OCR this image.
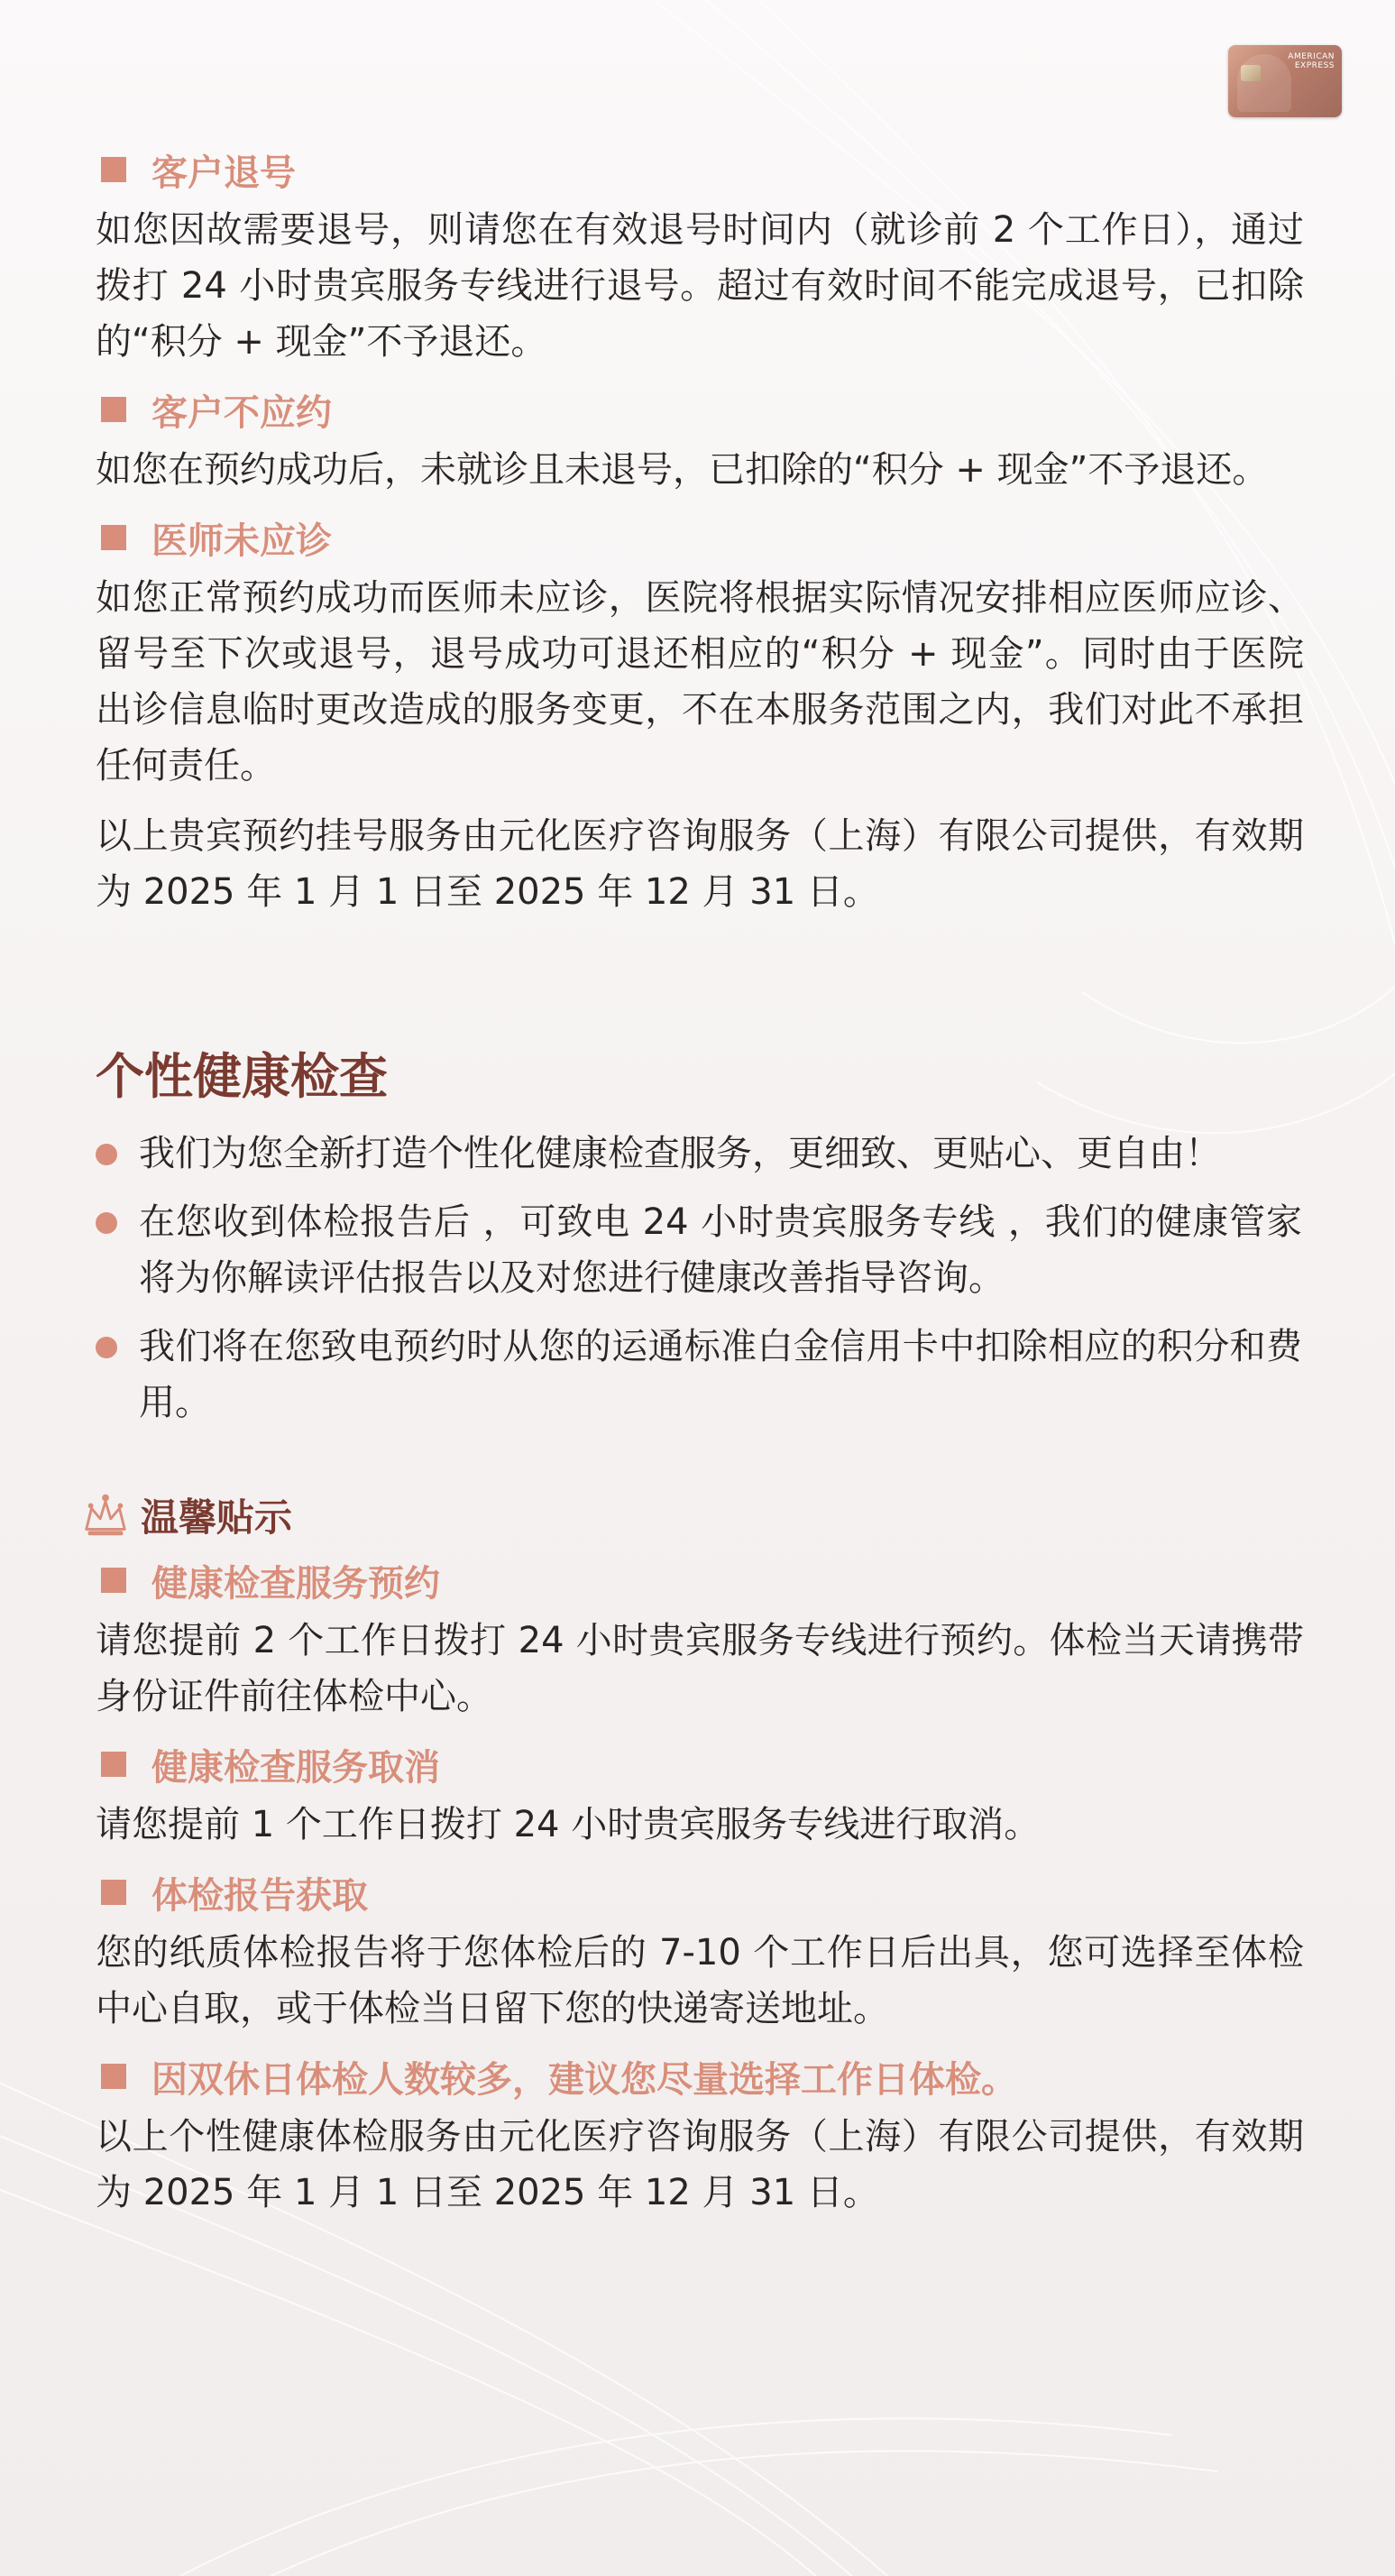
AMERICAN
EXPRESS
客户退号
如您因故需要退号，则请您在有效退号时间内（就诊前 2 个工作日），通过拨打 24 小时贵宾服务专线进行退号。超过有效时间不能完成退号，已扣除的“积分 + 现金”不予退还。
客户不应约
如您在预约成功后，未就诊且未退号，已扣除的“积分 + 现金”不予退还。
医师未应诊
如您正常预约成功而医师未应诊，医院将根据实际情况安排相应医师应诊、留号至下次或退号，退号成功可退还相应的“积分 + 现金”。同时由于医院出诊信息临时更改造成的服务变更，不在本服务范围之内，我们对此不承担任何责任。
以上贵宾预约挂号服务由元化医疗咨询服务（上海）有限公司提供，有效期为 2025 年 1 月 1 日至 2025 年 12 月 31 日。
个性健康检查
我们为您全新打造个性化健康检查服务，更细致、更贴心、更自由！
在您收到体检报告后 ，可致电 24 小时贵宾服务专线 ，我们的健康管家将为你解读评估报告以及对您进行健康改善指导咨询。
我们将在您致电预约时从您的运通标准白金信用卡中扣除相应的积分和费用。
温馨贴示
健康检查服务预约
请您提前 2 个工作日拨打 24 小时贵宾服务专线进行预约。体检当天请携带身份证件前往体检中心。
健康检查服务取消
请您提前 1 个工作日拨打 24 小时贵宾服务专线进行取消。
体检报告获取
您的纸质体检报告将于您体检后的 7-10 个工作日后出具，您可选择至体检中心自取，或于体检当日留下您的快递寄送地址。
因双休日体检人数较多，建议您尽量选择工作日体检。
以上个性健康体检服务由元化医疗咨询服务（上海）有限公司提供，有效期为 2025 年 1 月 1 日至 2025 年 12 月 31 日。
